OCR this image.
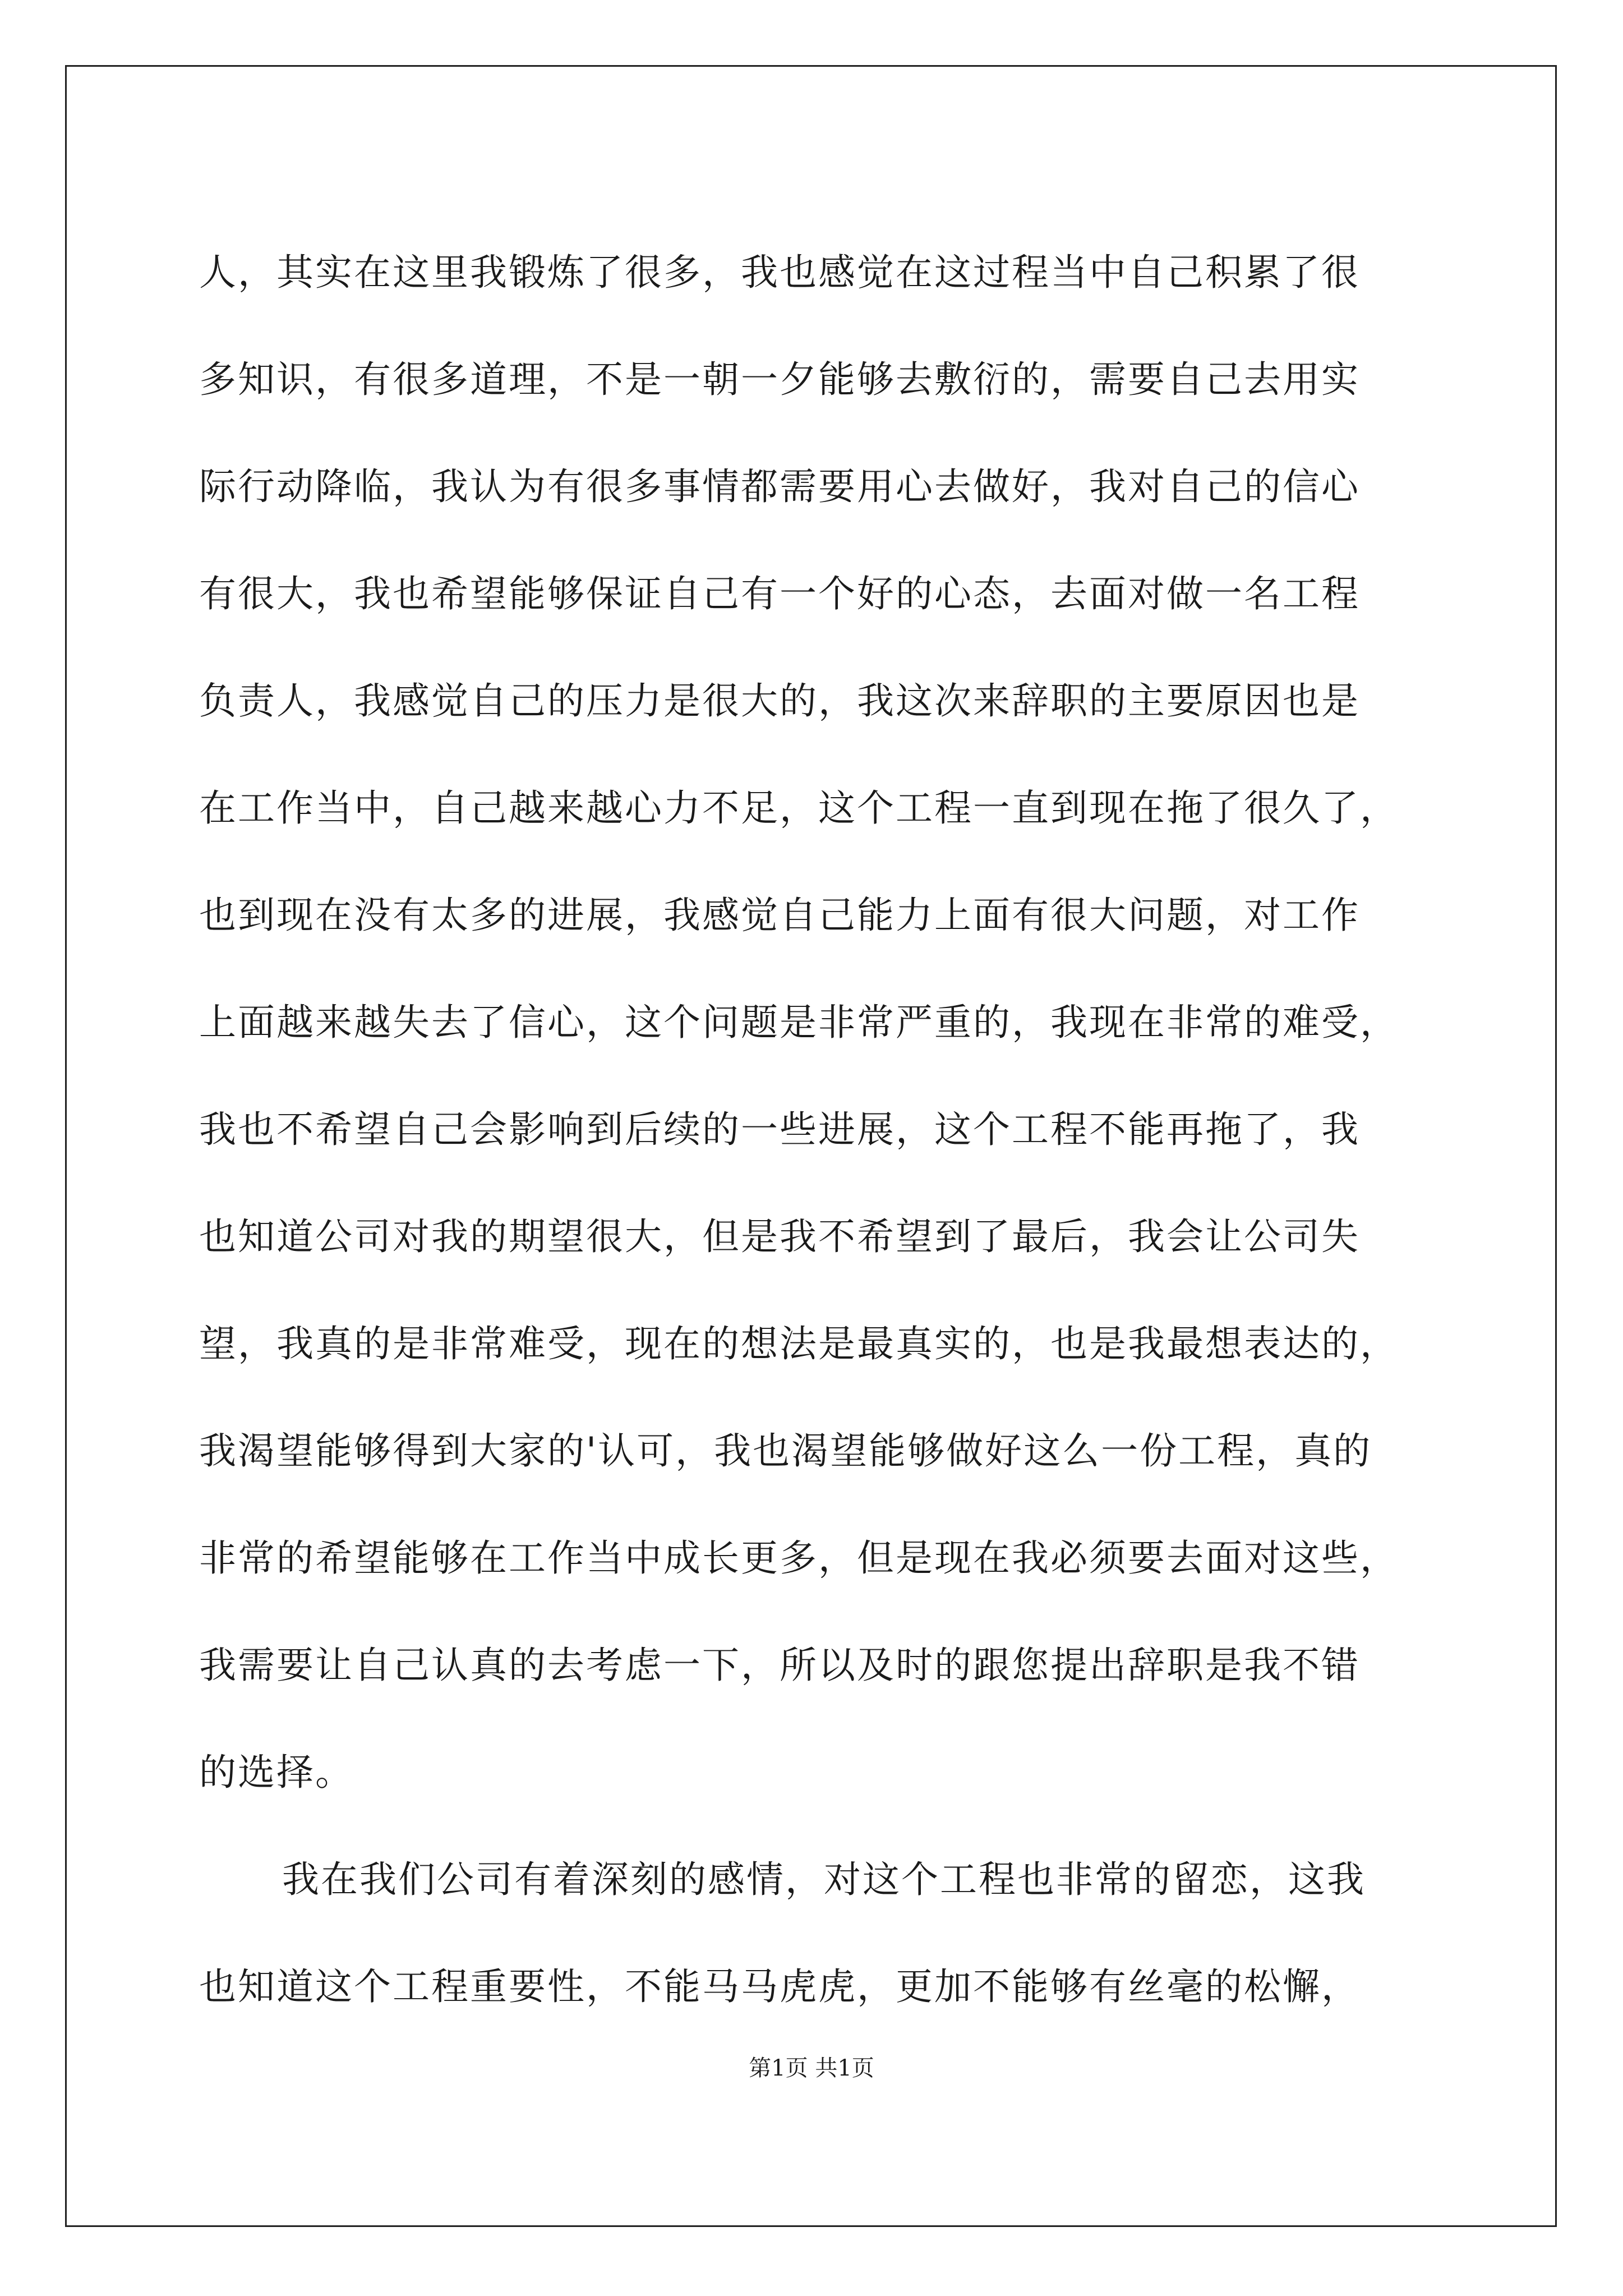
人，其实在这里我锻炼了很多，我也感觉在这过程当中自己积累了很
多知识，有很多道理，不是一朝一夕能够去敷衍的，需要自己去用实
际行动降临，我认为有很多事情都需要用心去做好，我对自己的信心
有很大，我也希望能够保证自己有一个好的心态，去面对做一名工程
负责人，我感觉自己的压力是很大的，我这次来辞职的主要原因也是
在工作当中，自己越来越心力不足，这个工程一直到现在拖了很久了，
也到现在没有太多的进展，我感觉自己能力上面有很大问题，对工作
上面越来越失去了信心，这个问题是非常严重的，我现在非常的难受，
我也不希望自己会影响到后续的一些进展，这个工程不能再拖了，我
也知道公司对我的期望很大，但是我不希望到了最后，我会让公司失
望，我真的是非常难受，现在的想法是最真实的，也是我最想表达的，
我渴望能够得到大家的'认可，我也渴望能够做好这么一份工程，真的
非常的希望能够在工作当中成长更多，但是现在我必须要去面对这些，
我需要让自己认真的去考虑一下，所以及时的跟您提出辞职是我不错
的选择。
我在我们公司有着深刻的感情，对这个工程也非常的留恋，这我
也知道这个工程重要性，不能马马虎虎，更加不能够有丝毫的松懈，
第1页 共1页
